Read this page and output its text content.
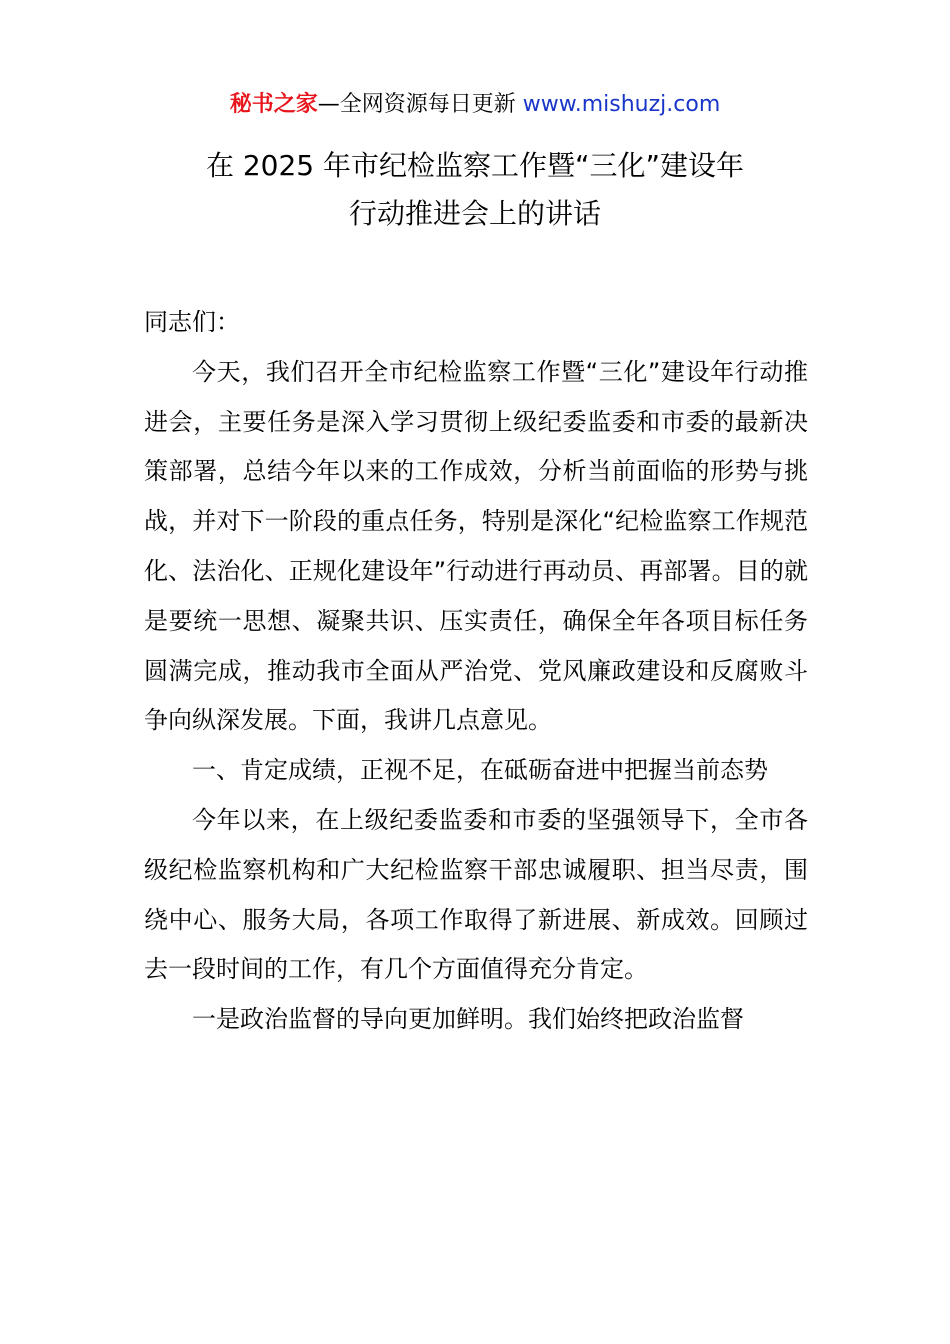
秘书之家—全网资源每日更新 www.mishuzj.com
在 2025 年市纪检监察工作暨“三化”建设年
行动推进会上的讲话

同志们：

今天，我们召开全市纪检监察工作暨“三化”建设年行动推进会，主要任务是深入学习贯彻上级纪委监委和市委的最新决策部署，总结今年以来的工作成效，分析当前面临的形势与挑战，并对下一阶段的重点任务，特别是深化“纪检监察工作规范化、法治化、正规化建设年”行动进行再动员、再部署。目的就是要统一思想、凝聚共识、压实责任，确保全年各项目标任务圆满完成，推动我市全面从严治党、党风廉政建设和反腐败斗争向纵深发展。下面，我讲几点意见。

一、肯定成绩，正视不足，在砥砺奋进中把握当前态势

今年以来，在上级纪委监委和市委的坚强领导下，全市各级纪检监察机构和广大纪检监察干部忠诚履职、担当尽责，围绕中心、服务大局，各项工作取得了新进展、新成效。回顾过去一段时间的工作，有几个方面值得充分肯定。

一是政治监督的导向更加鲜明。我们始终把政治监督
